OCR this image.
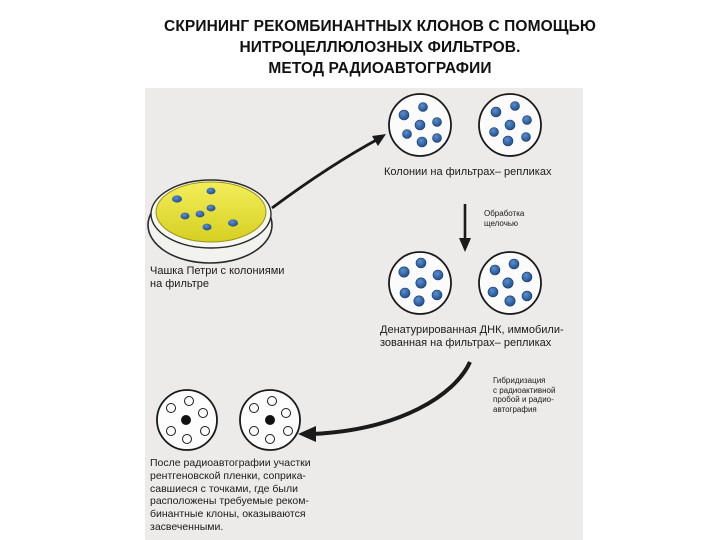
СКРИНИНГ РЕКОМБИНАНТНЫХ КЛОНОВ С ПОМОЩЬЮ
НИТРОЦЕЛЛЮЛОЗНЫХ ФИЛЬТРОВ.
МЕТОД РАДИОАВТОГРАФИИ
Чашка Петри с колониями
на фильтре
Колонии на фильтрах– репликах
Обработка
щелочью
Денатурированная ДНК, иммобили-
зованная на фильтрах– репликах
Гибридизация
с радиоактивной
пробой и радио-
автография
После радиоавтографии участки
рентгеновской пленки, соприка-
савшиеся с точками, где были
расположены требуемые реком-
бинантные клоны, оказываются
засвеченными.
